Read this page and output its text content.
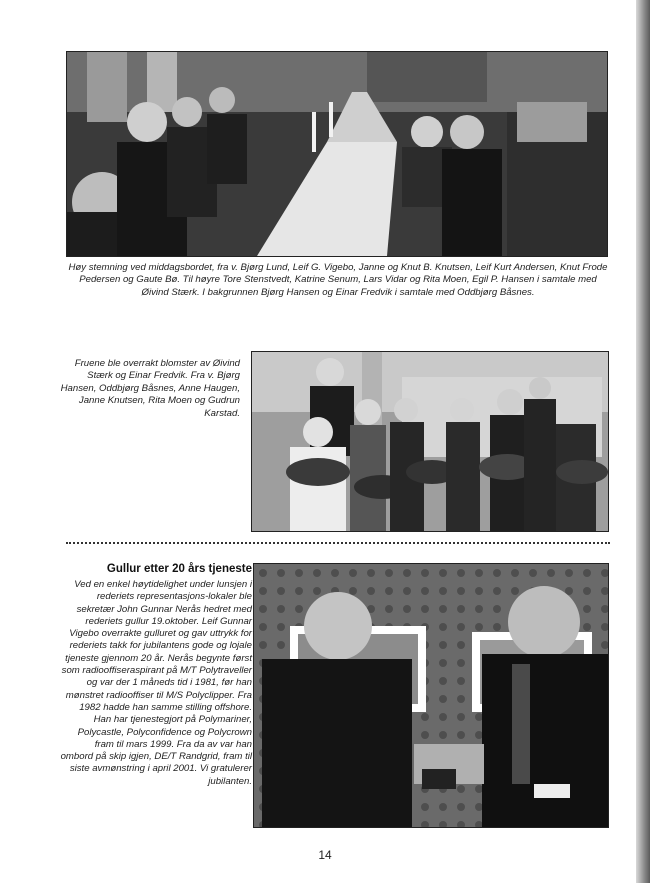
Høy stemning ved middagsbordet, fra v. Bjørg Lund, Leif G. Vigebo, Janne og Knut B. Knutsen, Leif Kurt Andersen, Knut Frode Pedersen og Gaute Bø. Til høyre Tore Stenstvedt, Katrine Senum, Lars Vidar og Rita Moen, Egil P. Hansen i samtale med Øivind Stærk. I bakgrunnen Bjørg Hansen og Einar Fredvik i samtale med Oddbjørg Båsnes.
Fruene ble overrakt blomster av Øivind Stærk og Einar Fredvik. Fra v. Bjørg Hansen, Oddbjørg Båsnes, Anne Haugen, Janne Knutsen, Rita Moen og Gudrun Karstad.
Gullur etter 20 års tjeneste
Ved en enkel høytidelighet under lunsjen i rederiets representasjons-lokaler ble sekretær John Gunnar Nerås hedret med rederiets gullur 19.oktober. Leif Gunnar Vigebo overrakte gulluret og gav uttrykk for rederiets takk for jubilantens gode og lojale tjeneste gjennom 20 år. Nerås begynte først som radiooffiseraspirant på M/T Polytraveller og var der 1 måneds tid i 1981, før han mønstret radiooffiser til M/S Polyclipper. Fra 1982 hadde han samme stilling offshore. Han har tjenestegjort på Polymariner, Polycastle, Polyconfidence og Polycrown fram til mars 1999. Fra da av var han ombord på skip igjen, DE/T Randgrid, fram til siste avmønstring i april 2001. Vi gratulerer jubilanten.
14
